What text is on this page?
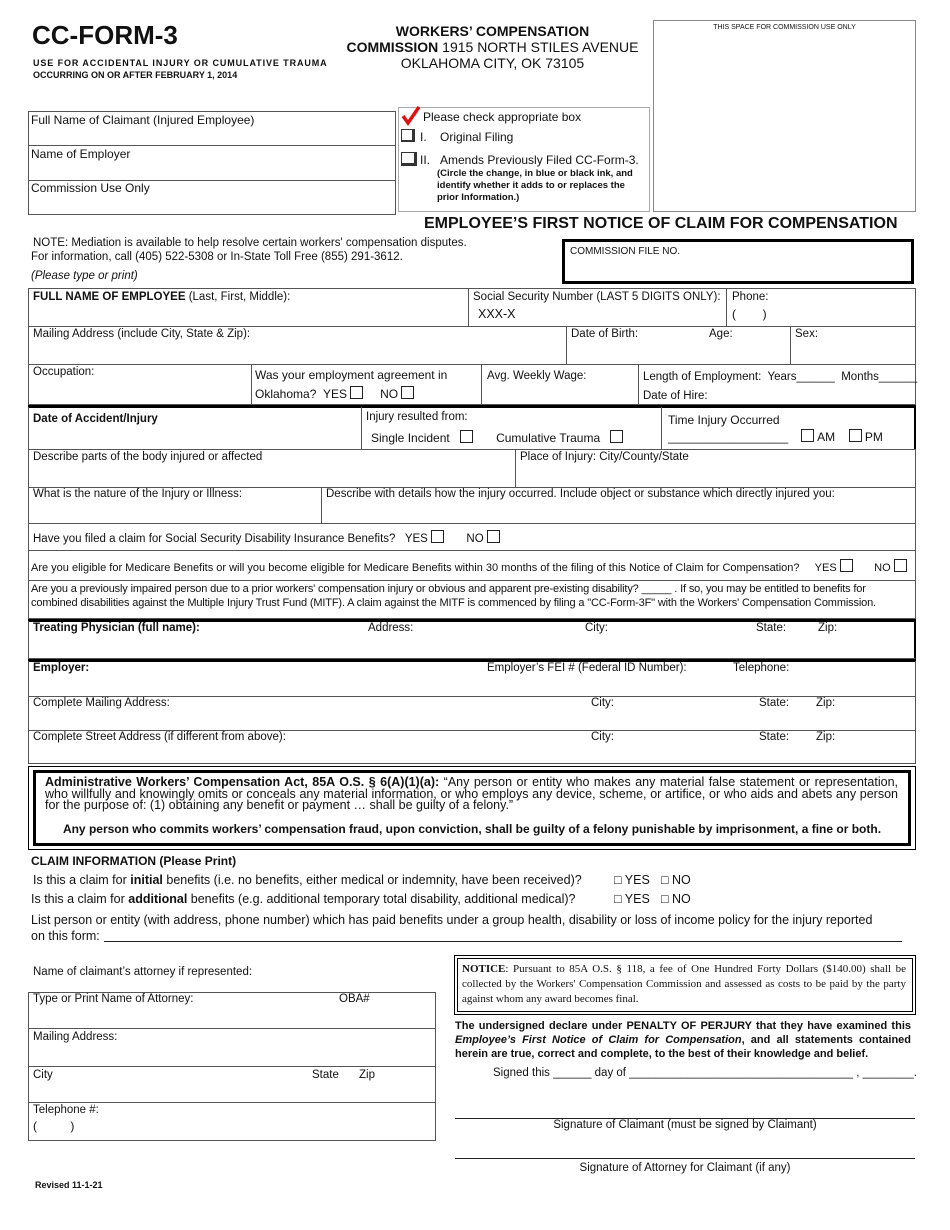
CC-FORM-3
USE FOR ACCIDENTAL INJURY OR CUMULATIVE TRAUMA
OCCURRING ON OR AFTER FEBRUARY 1, 2014
WORKERS’ COMPENSATION
COMMISSION 1915 NORTH STILES AVENUE
OKLAHOMA CITY, OK 73105
THIS SPACE FOR COMMISSION USE ONLY
Full Name of Claimant (Injured Employee)
Name of Employer
Commission Use Only
Please check appropriate box
I. Original Filing
II. Amends Previously Filed CC-Form-3.
(Circle the change, in blue or black ink, and
identify whether it adds to or replaces the
prior Information.)
EMPLOYEE’S FIRST NOTICE OF CLAIM FOR COMPENSATION
NOTE: Mediation is available to help resolve certain workers' compensation disputes.
For information, call (405) 522-5308 or In-State Toll Free (855) 291-3612.
(Please type or print)
COMMISSION FILE NO.
FULL NAME OF EMPLOYEE (Last, First, Middle):	Social Security Number (LAST 5 DIGITS ONLY):
XXX-X
Phone:
(        )
Mailing Address (include City, State & Zip):	Date of Birth:	Age:	Sex:
Occupation:	Was your employment agreement in
Oklahoma? YES	NO
Avg. Weekly Wage:	Length of Employment: Years______ Months______
Date of Hire:
Date of Accident/Injury	Injury resulted from:
Single Incident	Cumulative Trauma
Time Injury Occurred
__________________ AM PM
Describe parts of the body injured or affected	Place of Injury: City/County/State
What is the nature of the Injury or Illness:	Describe with details how the injury occurred. Include object or substance which directly injured you:
Have you filed a claim for Social Security Disability Insurance Benefits? YES	NO
Are you eligible for Medicare Benefits or will you become eligible for Medicare Benefits within 30 months of the filing of this Notice of Claim for Compensation? YES	NO
Are you a previously impaired person due to a prior workers' compensation injury or obvious and apparent pre-existing disability? _____ . If so, you may be entitled to benefits for
combined disabilities against the Multiple Injury Trust Fund (MITF). A claim against the MITF is commenced by filing a "CC-Form-3F" with the Workers' Compensation Commission.
Treating Physician (full name):	Address:	City:	State:	Zip:
Employer:	Employer’s FEI # (Federal ID Number):	Telephone:
Complete Mailing Address:	City:	State: Zip:
Complete Street Address (if different from above):	City:	State: Zip:
Administrative Workers’ Compensation Act, 85A O.S. § 6(A)(1)(a): “Any person or entity who makes any material false statement or representation, who willfully and knowingly omits or conceals any material information, or who employs any device, scheme, or artifice, or who aids and abets any person for the purpose of: (1) obtaining any benefit or payment … shall be guilty of a felony.”
Any person who commits workers’ compensation fraud, upon conviction, shall be guilty of a felony punishable by imprisonment, a fine or both.
CLAIM INFORMATION (Please Print)
Is this a claim for initial benefits (i.e. no benefits, either medical or indemnity, have been received)?	□ YES □ NO
Is this a claim for additional benefits (e.g. additional temporary total disability, additional medical)?	□ YES □ NO
List person or entity (with address, phone number) which has paid benefits under a group health, disability or loss of income policy for the injury reported
on this form:
Name of claimant’s attorney if represented:
Type or Print Name of Attorney:	OBA#
Mailing Address:
City	State Zip
Telephone #:
(          )
NOTICE: Pursuant to 85A O.S. § 118, a fee of One Hundred Forty Dollars ($140.00) shall be collected by the Workers' Compensation Commission and assessed as costs to be paid by the party against whom any award becomes final.
The undersigned declare under PENALTY OF PERJURY that they have examined this Employee’s First Notice of Claim for Compensation, and all statements contained herein are true, correct and complete, to the best of their knowledge and belief.
Signed this ______ day of ___________________________________ , ________.
Signature of Claimant (must be signed by Claimant)
Signature of Attorney for Claimant (if any)
Revised 11-1-21
